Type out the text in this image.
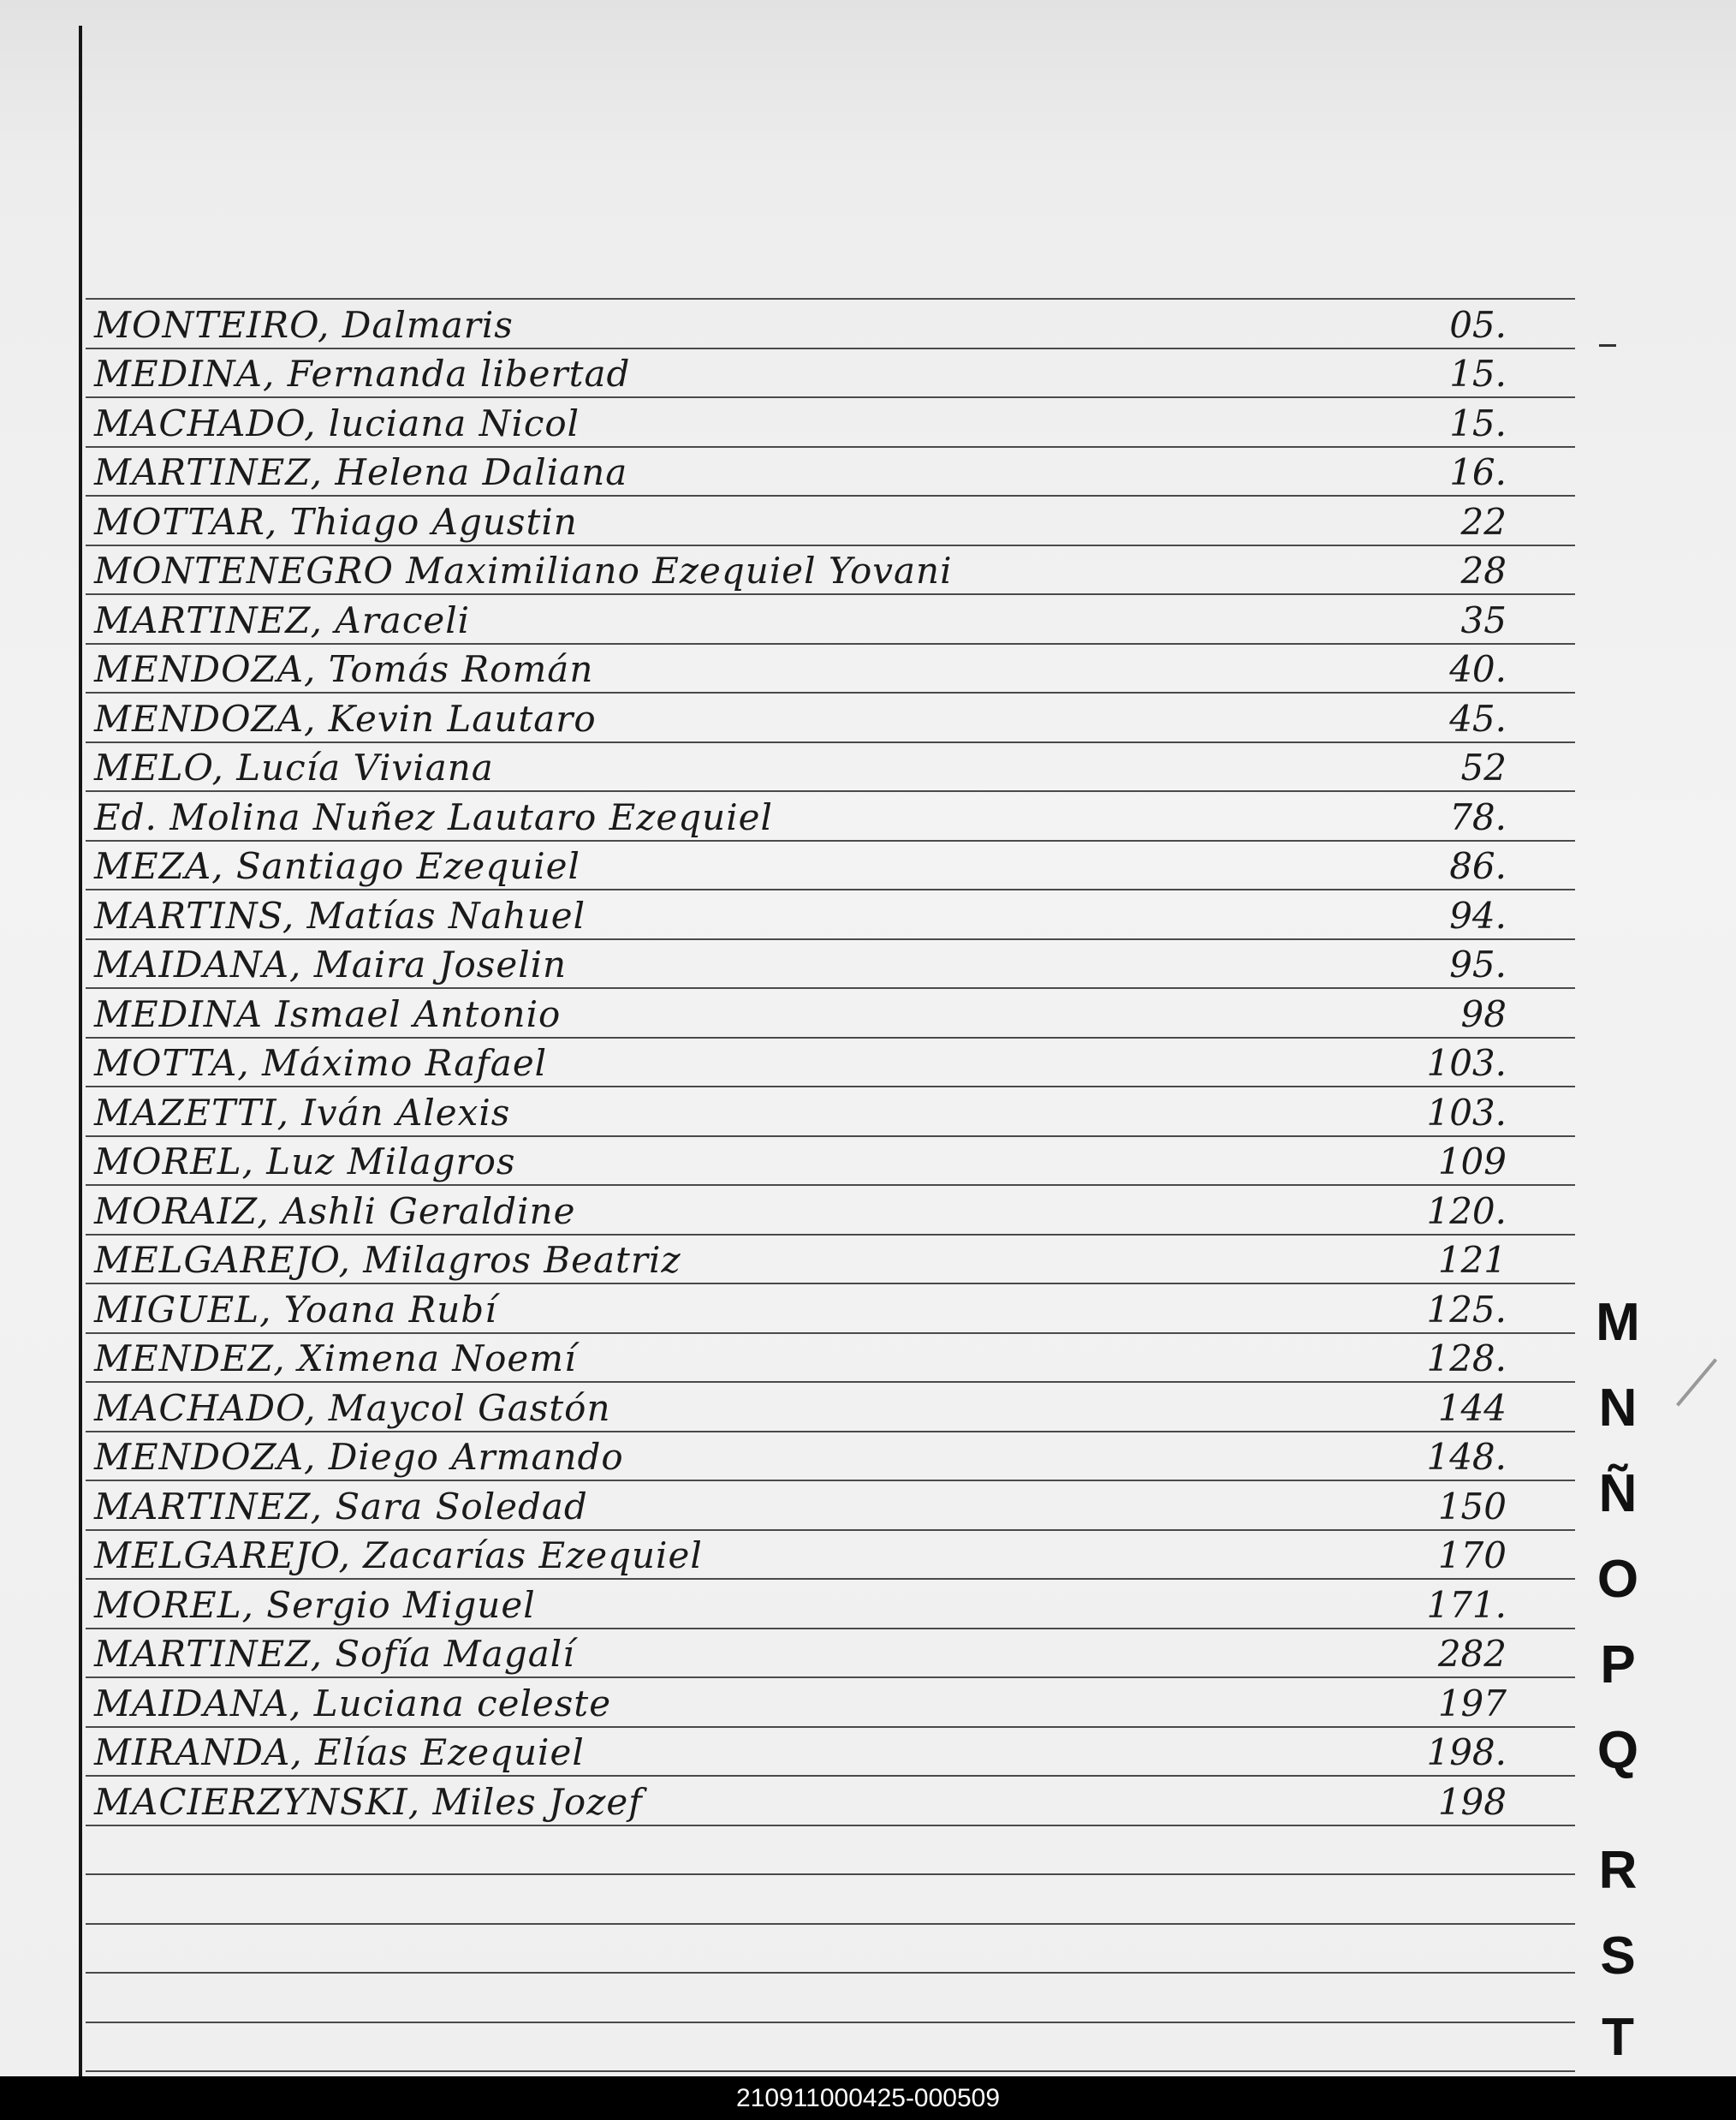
MONTEIRO, Dalmaris	05.
MEDINA, Fernanda libertad	15.
MACHADO, luciana Nicol	15.
MARTINEZ, Helena Daliana	16.
MOTTAR, Thiago Agustin	22
MONTENEGRO Maximiliano Ezequiel Yovani	28
MARTINEZ, Araceli	35
MENDOZA, Tomás Román	40.
MENDOZA, Kevin Lautaro	45.
MELO, Lucía Viviana	52
Ed. Molina Nuñez Lautaro Ezequiel	78.
MEZA, Santiago Ezequiel	86.
MARTINS, Matías Nahuel	94.
MAIDANA, Maira Joselin	95.
MEDINA Ismael Antonio	98
MOTTA, Máximo Rafael	103.
MAZETTI, Iván Alexis	103.
MOREL, Luz Milagros	109
MORAIZ, Ashli Geraldine	120.
MELGAREJO, Milagros Beatriz	121
MIGUEL, Yoana Rubí	125.
MENDEZ, Ximena Noemí	128.
MACHADO, Maycol Gastón	144
MENDOZA, Diego Armando	148.
MARTINEZ, Sara Soledad	150
MELGAREJO, Zacarías Ezequiel	170
MOREL, Sergio Miguel	171.
MARTINEZ, Sofía Magalí	282
MAIDANA, Luciana celeste	197
MIRANDA, Elías Ezequiel	198.
MACIERZYNSKI, Miles Jozef	198
M
N
Ñ
O
P
Q
R
S
T
210911000425-000509
